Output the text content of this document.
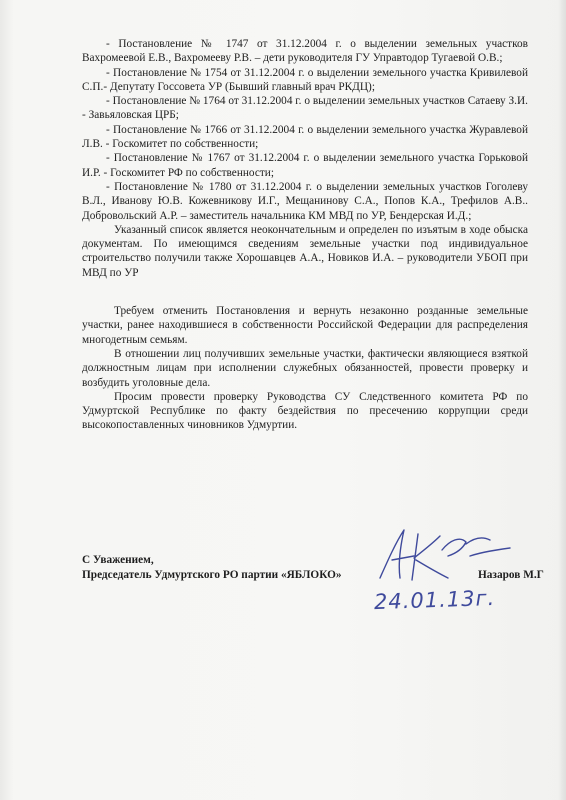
- Постановление № 1747 от 31.12.2004 г. о выделении земельных участков Вахромеевой Е.В., Вахромееву Р.В. – дети руководителя ГУ Управтодор Тугаевой О.В.;

- Постановление № 1754 от 31.12.2004 г. о выделении земельного участка Кривилевой С.П.- Депутату Госсовета УР (Бывший главный врач РКДЦ);

- Постановление № 1764 от 31.12.2004 г. о выделении земельных участков Сатаеву З.И. - Завьяловская ЦРБ;

- Постановление № 1766 от 31.12.2004 г. о выделении земельного участка Журавлевой Л.В. - Госкомитет по собственности;

- Постановление № 1767 от 31.12.2004 г. о выделении земельного участка Горьковой И.Р. - Госкомитет РФ по собственности;

- Постановление № 1780 от 31.12.2004 г. о выделении земельных участков Гоголеву В.Л., Иванову Ю.В. Кожевникову И.Г., Мещанинову С.А., Попов К.А., Трефилов А.В.. Добровольский А.Р. – заместитель начальника КМ МВД по УР, Бендерская И.Д.;

Указанный список является неокончательным и определен по изъятым в ходе обыска документам. По имеющимся сведениям земельные участки под индивидуальное строительство получили также Хорошавцев А.А., Новиков И.А. – руководители УБОП при МВД по УР

Требуем отменить Постановления и вернуть незаконно розданные земельные участки, ранее находившиеся в собственности Российской Федерации для распределения многодетным семьям.

В отношении лиц получивших земельные участки, фактически являющиеся взяткой должностным лицам при исполнении служебных обязанностей, провести проверку и возбудить уголовные дела.

Просим провести проверку Руководства СУ Следственного комитета РФ по Удмуртской Республике по факту бездействия по пресечению коррупции среди высокопоставленных чиновников Удмуртии.

С Уважением,
Председатель Удмуртского РО партии «ЯБЛОКО»	Назаров М.Г
24.01.13г.
